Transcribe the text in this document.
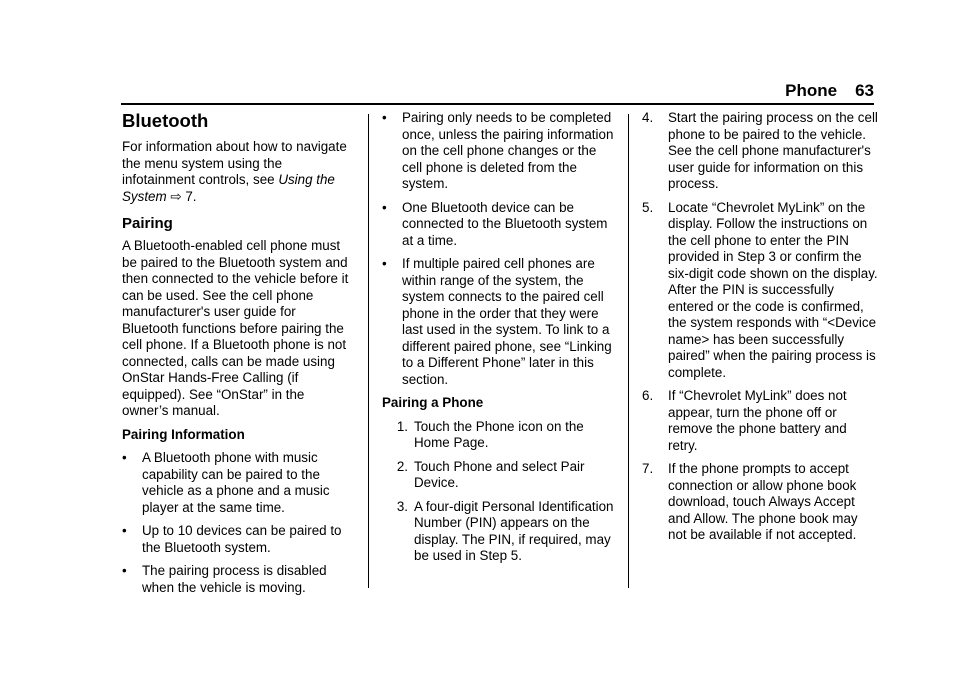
Phone 63
Bluetooth

For information about how to navigate the menu system using the infotainment controls, see Using the System ⇨ 7.

Pairing

A Bluetooth-enabled cell phone must be paired to the Bluetooth system and then connected to the vehicle before it can be used. See the cell phone manufacturer's user guide for Bluetooth functions before pairing the cell phone. If a Bluetooth phone is not connected, calls can be made using OnStar Hands-Free Calling (if equipped). See “OnStar” in the owner’s manual.

Pairing Information
•	A Bluetooth phone with music capability can be paired to the vehicle as a phone and a music player at the same time.
•	Up to 10 devices can be paired to the Bluetooth system.
•	The pairing process is disabled when the vehicle is moving.
•	Pairing only needs to be completed once, unless the pairing information on the cell phone changes or the cell phone is deleted from the system.
•	One Bluetooth device can be connected to the Bluetooth system at a time.
•	If multiple paired cell phones are within range of the system, the system connects to the paired cell phone in the order that they were last used in the system. To link to a different paired phone, see “Linking to a Different Phone” later in this section.
Pairing a Phone
1. Touch the Phone icon on the Home Page.
2. Touch Phone and select Pair Device.
3. A four-digit Personal Identification Number (PIN) appears on the display. The PIN, if required, may be used in Step 5.
4.	Start the pairing process on the cell phone to be paired to the vehicle. See the cell phone manufacturer's user guide for information on this process.
5.	Locate “Chevrolet MyLink” on the display. Follow the instructions on the cell phone to enter the PIN provided in Step 3 or confirm the six-digit code shown on the display. After the PIN is successfully entered or the code is confirmed, the system responds with “<Device name> has been successfully paired” when the pairing process is complete.
6.	If “Chevrolet MyLink” does not appear, turn the phone off or remove the phone battery and retry.
7.	If the phone prompts to accept connection or allow phone book download, touch Always Accept and Allow. The phone book may not be available if not accepted.
